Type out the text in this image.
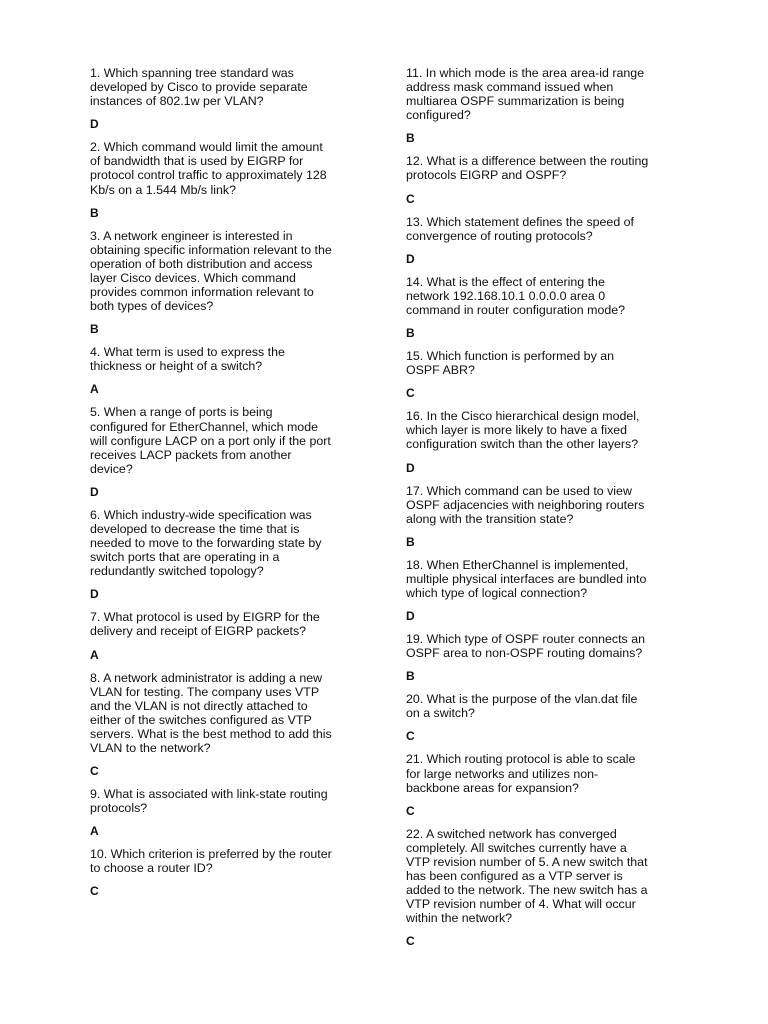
1. Which spanning tree standard was
developed by Cisco to provide separate
instances of 802.1w per VLAN?

D

2. Which command would limit the amount
of bandwidth that is used by EIGRP for
protocol control traffic to approximately 128
Kb/s on a 1.544 Mb/s link?

B

3. A network engineer is interested in
obtaining specific information relevant to the
operation of both distribution and access
layer Cisco devices. Which command
provides common information relevant to
both types of devices?

B

4. What term is used to express the
thickness or height of a switch?

A

5. When a range of ports is being
configured for EtherChannel, which mode
will configure LACP on a port only if the port
receives LACP packets from another
device?

D

6. Which industry-wide specification was
developed to decrease the time that is
needed to move to the forwarding state by
switch ports that are operating in a
redundantly switched topology?

D

7. What protocol is used by EIGRP for the
delivery and receipt of EIGRP packets?

A

8. A network administrator is adding a new
VLAN for testing. The company uses VTP
and the VLAN is not directly attached to
either of the switches configured as VTP
servers. What is the best method to add this
VLAN to the network?

C

9. What is associated with link-state routing
protocols?

A

10. Which criterion is preferred by the router
to choose a router ID?

C

11. In which mode is the area area-id range
address mask command issued when
multiarea OSPF summarization is being
configured?

B

12. What is a difference between the routing
protocols EIGRP and OSPF?

C

13. Which statement defines the speed of
convergence of routing protocols?

D

14. What is the effect of entering the
network 192.168.10.1 0.0.0.0 area 0
command in router configuration mode?

B

15. Which function is performed by an
OSPF ABR?

C

16. In the Cisco hierarchical design model,
which layer is more likely to have a fixed
configuration switch than the other layers?

D

17. Which command can be used to view
OSPF adjacencies with neighboring routers
along with the transition state?

B

18. When EtherChannel is implemented,
multiple physical interfaces are bundled into
which type of logical connection?

D

19. Which type of OSPF router connects an
OSPF area to non-OSPF routing domains?

B

20. What is the purpose of the vlan.dat file
on a switch?

C

21. Which routing protocol is able to scale
for large networks and utilizes non-
backbone areas for expansion?

C

22. A switched network has converged
completely. All switches currently have a
VTP revision number of 5. A new switch that
has been configured as a VTP server is
added to the network. The new switch has a
VTP revision number of 4. What will occur
within the network?

C
